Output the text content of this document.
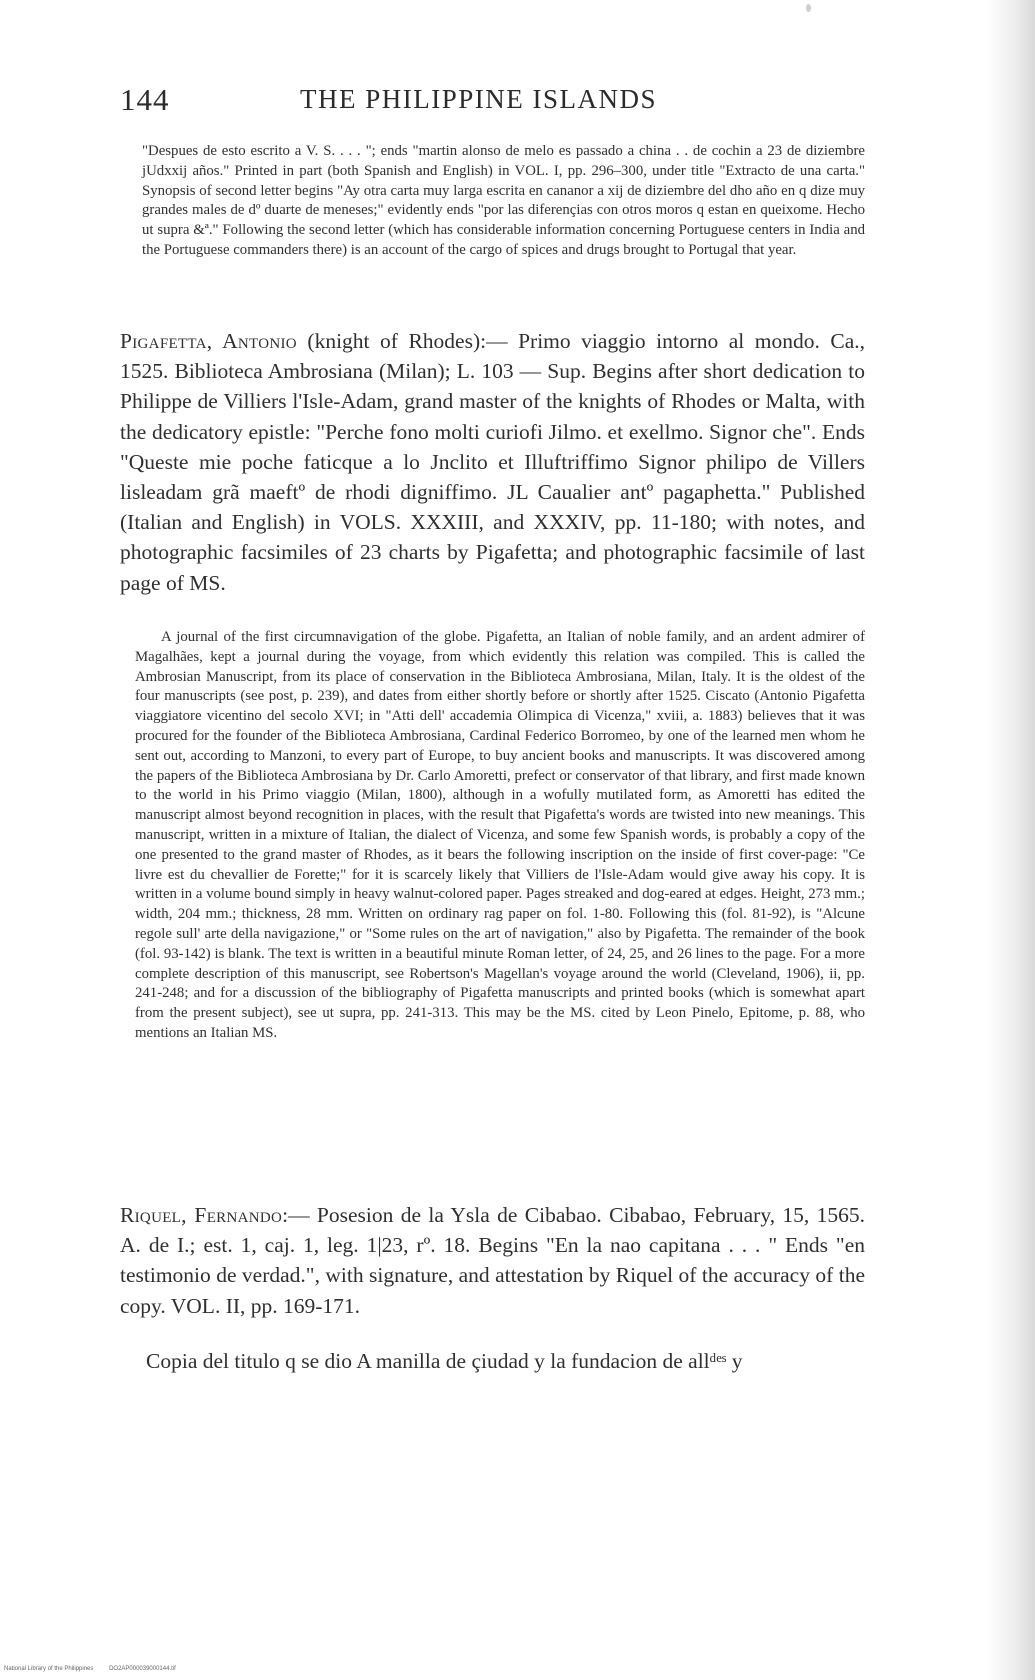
144	THE PHILIPPINE ISLANDS

"Despues de esto escrito a V. S. . . . "; ends "martin alonso de melo es passado a china . . de cochin a 23 de diziembre jUdxxij años." Printed in part (both Spanish and English) in VOL. I, pp. 296–300, under title "Extracto de una carta." Synopsis of second letter begins "Ay otra carta muy larga escrita en cananor a xij de diziembre del dho año en q dize muy grandes males de dº duarte de meneses;" evidently ends "por las diferençias con otros moros q estan en queixome. Hecho ut supra &ª." Following the second letter (which has considerable information concerning Portuguese centers in India and the Portuguese commanders there) is an account of the cargo of spices and drugs brought to Portugal that year.

Pigafetta, Antonio (knight of Rhodes):— Primo viaggio intorno al mondo. Ca., 1525. Biblioteca Ambrosiana (Milan); L. 103 — Sup. Begins after short dedication to Philippe de Villiers l'Isle-Adam, grand master of the knights of Rhodes or Malta, with the dedicatory epistle: "Perche fono molti curiofi Jilmo. et exellmo. Signor che". Ends "Queste mie poche faticque a lo Jnclito et Illuftriffimo Signor philipo de Villers lisleadam grã maeftº de rhodi digniffimo. JL Caualier antº pagaphetta." Published (Italian and English) in VOLS. XXXIII, and XXXIV, pp. 11-180; with notes, and photographic facsimiles of 23 charts by Pigafetta; and photographic facsimile of last page of MS.

A journal of the first circumnavigation of the globe. Pigafetta, an Italian of noble family, and an ardent admirer of Magalhães, kept a journal during the voyage, from which evidently this relation was compiled. This is called the Ambrosian Manuscript, from its place of conservation in the Biblioteca Ambrosiana, Milan, Italy. It is the oldest of the four manuscripts (see post, p. 239), and dates from either shortly before or shortly after 1525. Ciscato (Antonio Pigafetta viaggiatore vicentino del secolo XVI; in "Atti dell' accademia Olimpica di Vicenza," xviii, a. 1883) believes that it was procured for the founder of the Biblioteca Ambrosiana, Cardinal Federico Borromeo, by one of the learned men whom he sent out, according to Manzoni, to every part of Europe, to buy ancient books and manuscripts. It was discovered among the papers of the Biblioteca Ambrosiana by Dr. Carlo Amoretti, prefect or conservator of that library, and first made known to the world in his Primo viaggio (Milan, 1800), although in a wofully mutilated form, as Amoretti has edited the manuscript almost beyond recognition in places, with the result that Pigafetta's words are twisted into new meanings. This manuscript, written in a mixture of Italian, the dialect of Vicenza, and some few Spanish words, is probably a copy of the one presented to the grand master of Rhodes, as it bears the following inscription on the inside of first cover-page: "Ce livre est du chevallier de Forette;" for it is scarcely likely that Villiers de l'Isle-Adam would give away his copy. It is written in a volume bound simply in heavy walnut-colored paper. Pages streaked and dog-eared at edges. Height, 273 mm.; width, 204 mm.; thickness, 28 mm. Written on ordinary rag paper on fol. 1-80. Following this (fol. 81-92), is "Alcune regole sull' arte della navigazione," or "Some rules on the art of navigation," also by Pigafetta. The remainder of the book (fol. 93-142) is blank. The text is written in a beautiful minute Roman letter, of 24, 25, and 26 lines to the page. For a more complete description of this manuscript, see Robertson's Magellan's voyage around the world (Cleveland, 1906), ii, pp. 241-248; and for a discussion of the bibliography of Pigafetta manuscripts and printed books (which is somewhat apart from the present subject), see ut supra, pp. 241-313. This may be the MS. cited by Leon Pinelo, Epitome, p. 88, who mentions an Italian MS.

Riquel, Fernando:— Posesion de la Ysla de Cibabao. Cibabao, February, 15, 1565. A. de I.; est. 1, caj. 1, leg. 1|23, rº. 18. Begins "En la nao capitana . . . " Ends "en testimonio de verdad.", with signature, and attestation by Riquel of the accuracy of the copy. VOL. II, pp. 169-171.

Copia del titulo q se dio A manilla de çiudad y la fundacion de allᵈᵉˢ y

National Library of the Philippines	DO2AP000039000144.tif
